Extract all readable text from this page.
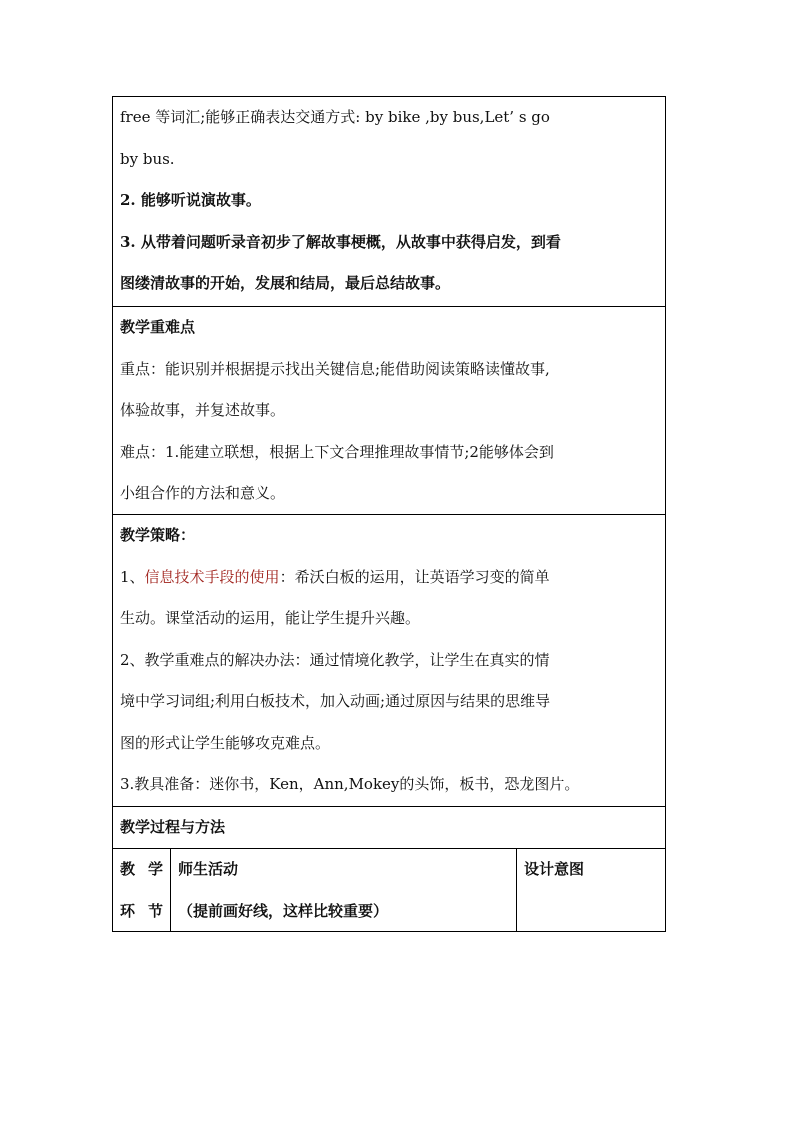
free 等词汇;能够正确表达交通方式: by bike ,by bus,Let’ s go
by bus.
2. 能够听说演故事。
3. 从带着问题听录音初步了解故事梗概，从故事中获得启发，到看
图缕清故事的开始，发展和结局，最后总结故事。
教学重难点
重点：能识别并根据提示找出关键信息;能借助阅读策略读懂故事,
体验故事，并复述故事。
难点：1.能建立联想，根据上下文合理推理故事情节;2能够体会到
小组合作的方法和意义。
教学策略：
1、信息技术手段的使用：希沃白板的运用，让英语学习变的简单
生动。课堂活动的运用，能让学生提升兴趣。
2、教学重难点的解决办法：通过情境化教学，让学生在真实的情
境中学习词组;利用白板技术，加入动画;通过原因与结果的思维导
图的形式让学生能够攻克难点。
3.教具准备：迷你书，Ken，Ann,Mokey的头饰，板书，恐龙图片。
教学过程与方法
教学
环节
师生活动
（提前画好线，这样比较重要）
设计意图
